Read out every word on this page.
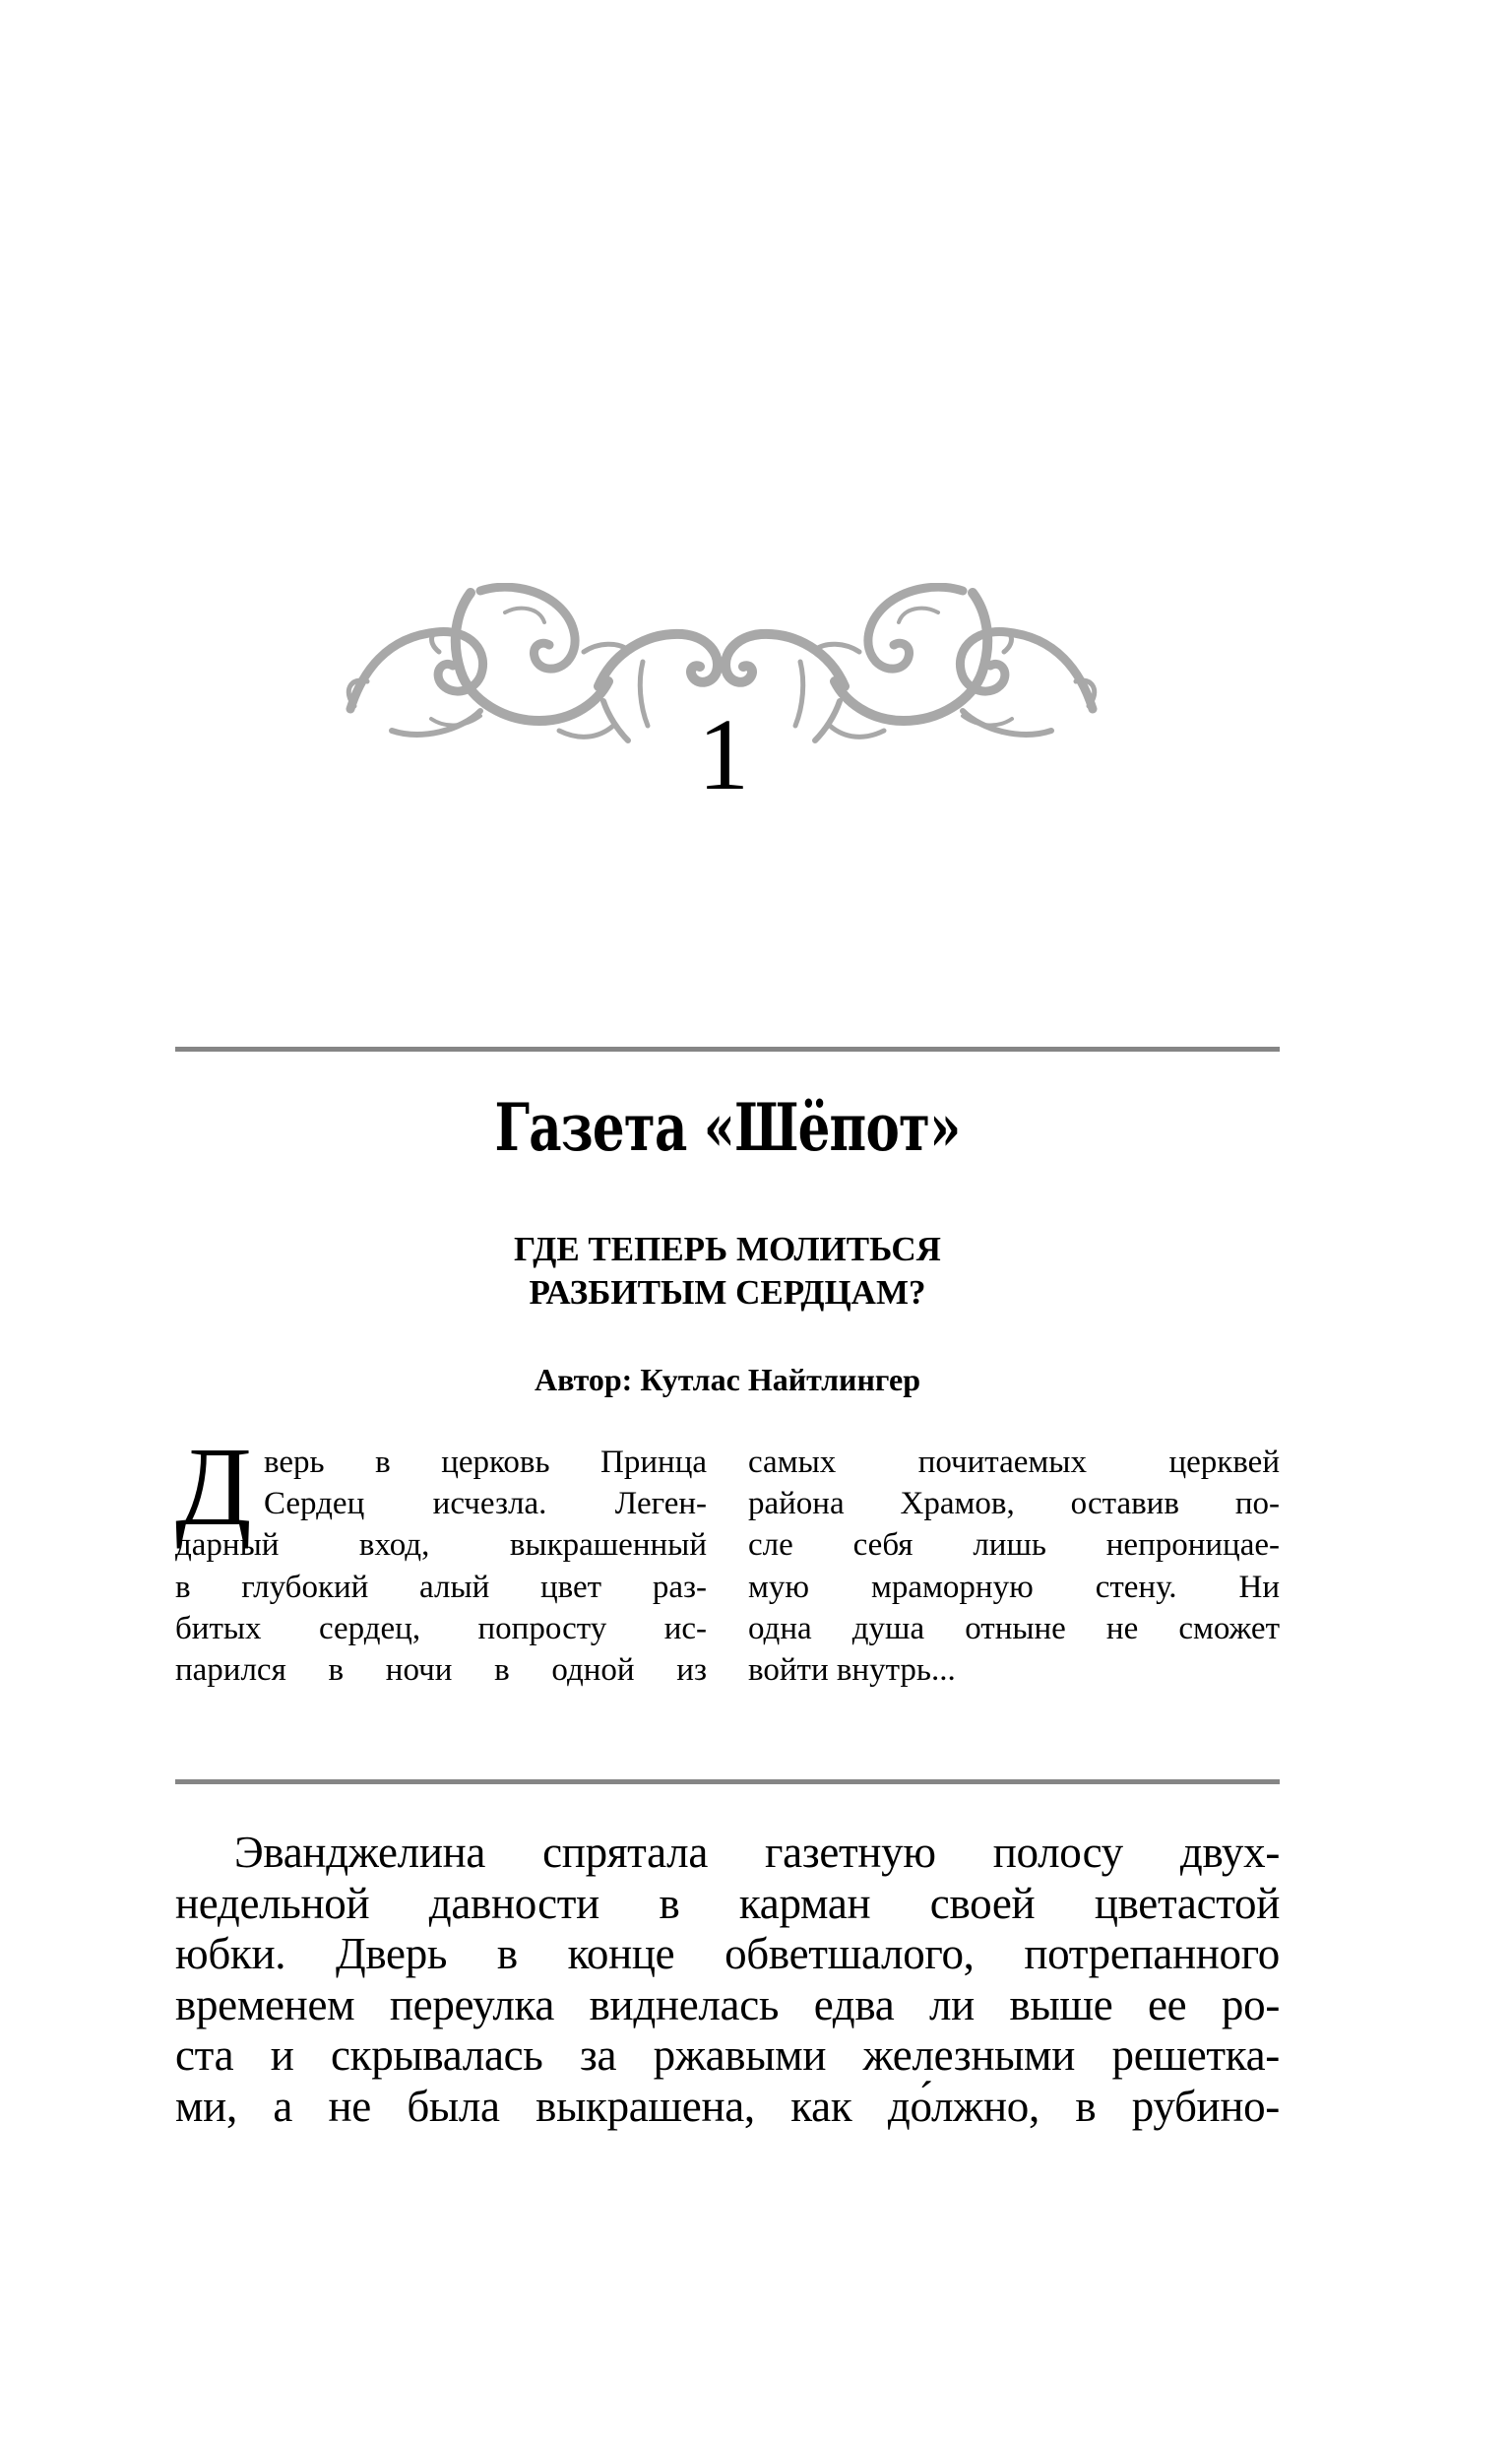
1
Газета «Шёпот»
ГДЕ ТЕПЕРЬ МОЛИТЬСЯ
РАЗБИТЫМ СЕРДЦАМ?
Автор: Кутлас Найтлингер
Д верь в церковь Принца
Сердец исчезла. Леген-
дарный вход, выкрашенный
в глубокий алый цвет раз-
битых сердец, попросту ис-
парился в ночи в одной из
самых почитаемых церквей
района Храмов, оставив по-
сле себя лишь непроницае-
мую мраморную стену. Ни
одна душа отныне не сможет
войти внутрь...
Эванджелина спрятала газетную полосу двух-
недельной давности в карман своей цветастой
юбки. Дверь в конце обветшалого, потрепанного
временем переулка виднелась едва ли выше ее ро-
ста и скрывалась за ржавыми железными решетка-
ми, а не была выкрашена, как до́лжно, в рубино-
